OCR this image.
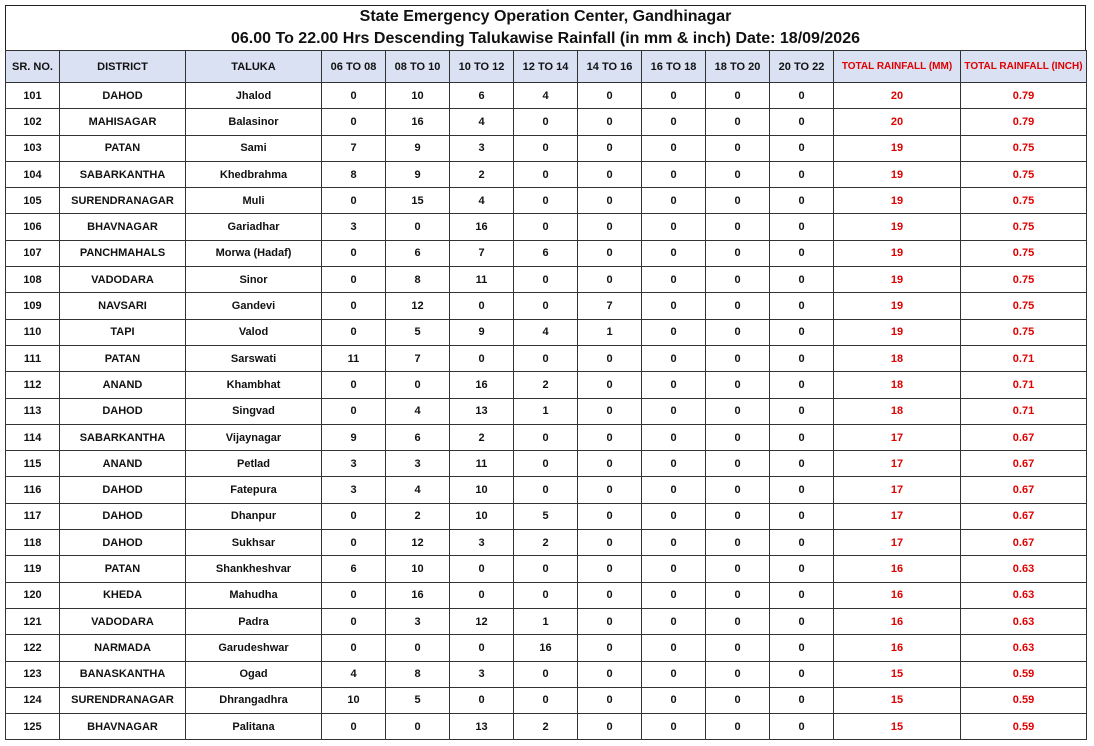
State Emergency Operation Center, Gandhinagar
06.00 To 22.00 Hrs Descending Talukawise Rainfall (in mm & inch) Date: 18/09/2026
SR. NO.	DISTRICT	TALUKA	06 TO 08	08 TO 10	10 TO 12	12 TO 14	14 TO 16	16 TO 18	18 TO 20	20 TO 22	TOTAL RAINFALL (MM)	TOTAL RAINFALL (INCH)
101	DAHOD	Jhalod	0	10	6	4	0	0	0	0	20	0.79
102	MAHISAGAR	Balasinor	0	16	4	0	0	0	0	0	20	0.79
103	PATAN	Sami	7	9	3	0	0	0	0	0	19	0.75
104	SABARKANTHA	Khedbrahma	8	9	2	0	0	0	0	0	19	0.75
105	SURENDRANAGAR	Muli	0	15	4	0	0	0	0	0	19	0.75
106	BHAVNAGAR	Gariadhar	3	0	16	0	0	0	0	0	19	0.75
107	PANCHMAHALS	Morwa (Hadaf)	0	6	7	6	0	0	0	0	19	0.75
108	VADODARA	Sinor	0	8	11	0	0	0	0	0	19	0.75
109	NAVSARI	Gandevi	0	12	0	0	7	0	0	0	19	0.75
110	TAPI	Valod	0	5	9	4	1	0	0	0	19	0.75
111	PATAN	Sarswati	11	7	0	0	0	0	0	0	18	0.71
112	ANAND	Khambhat	0	0	16	2	0	0	0	0	18	0.71
113	DAHOD	Singvad	0	4	13	1	0	0	0	0	18	0.71
114	SABARKANTHA	Vijaynagar	9	6	2	0	0	0	0	0	17	0.67
115	ANAND	Petlad	3	3	11	0	0	0	0	0	17	0.67
116	DAHOD	Fatepura	3	4	10	0	0	0	0	0	17	0.67
117	DAHOD	Dhanpur	0	2	10	5	0	0	0	0	17	0.67
118	DAHOD	Sukhsar	0	12	3	2	0	0	0	0	17	0.67
119	PATAN	Shankheshvar	6	10	0	0	0	0	0	0	16	0.63
120	KHEDA	Mahudha	0	16	0	0	0	0	0	0	16	0.63
121	VADODARA	Padra	0	3	12	1	0	0	0	0	16	0.63
122	NARMADA	Garudeshwar	0	0	0	16	0	0	0	0	16	0.63
123	BANASKANTHA	Ogad	4	8	3	0	0	0	0	0	15	0.59
124	SURENDRANAGAR	Dhrangadhra	10	5	0	0	0	0	0	0	15	0.59
125	BHAVNAGAR	Palitana	0	0	13	2	0	0	0	0	15	0.59
